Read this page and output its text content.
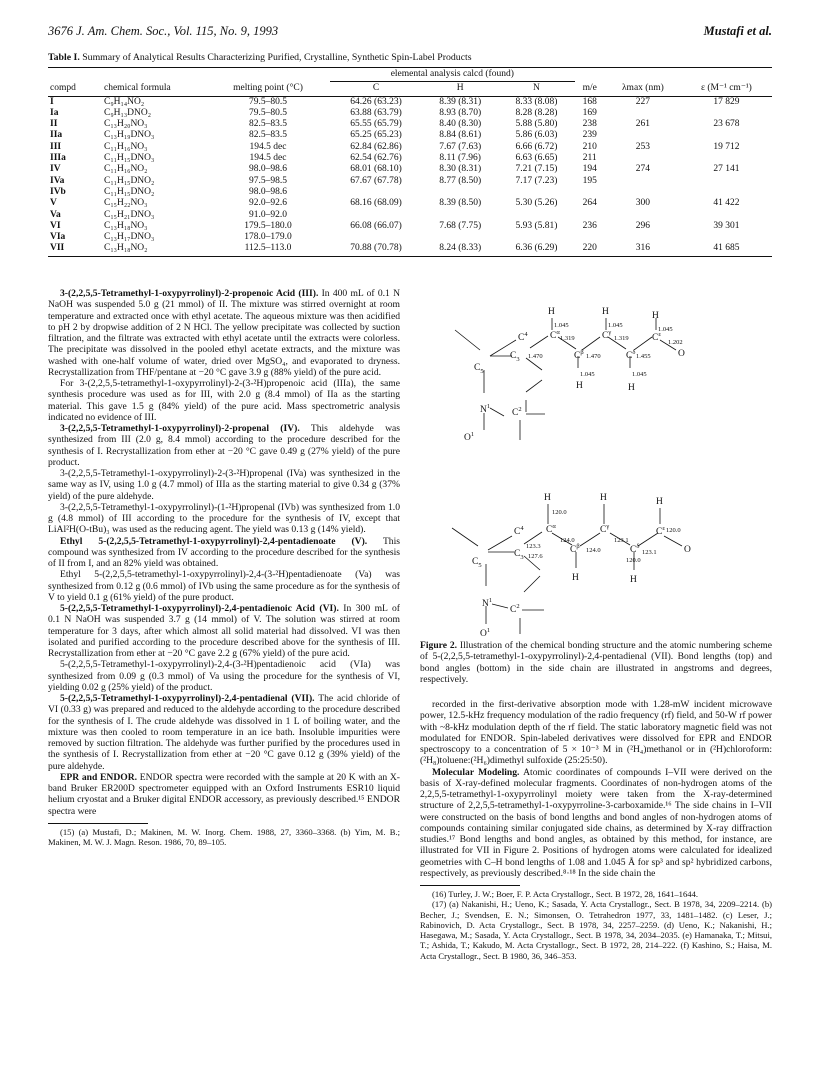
3676 J. Am. Chem. Soc., Vol. 115, No. 9, 1993	Mustafi et al.
Table I. Summary of Analytical Results Characterizing Purified, Crystalline, Synthetic Spin-Label Products
			elemental analysis calcd (found)					
compd	chemical formula	melting point (°C)	C	H	N	m/e	λmax (nm)	ε (M⁻¹ cm⁻¹)
I	C₉H₁₄NO₂	79.5–80.5	64.26 (63.23)	8.39 (8.31)	8.33 (8.08)	168	227	17 829
Ia	C₉H₁₃DNO₂	79.5–80.5	63.88 (63.79)	8.93 (8.70)	8.28 (8.28)	169		
II	C₁₃H₂₀NO₃	82.5–83.5	65.55 (65.79)	8.40 (8.30)	5.88 (5.80)	238	261	23 678
IIa	C₁₃H₁₉DNO₃	82.5–83.5	65.25 (65.23)	8.84 (8.61)	5.86 (6.03)	239		
III	C₁₁H₁₆NO₃	194.5 dec	62.84 (62.86)	7.67 (7.63)	6.66 (6.72)	210	253	19 712
IIIa	C₁₁H₁₅DNO₃	194.5 dec	62.54 (62.76)	8.11 (7.96)	6.63 (6.65)	211		
IV	C₁₁H₁₆NO₂	98.0–98.6	68.01 (68.10)	8.30 (8.31)	7.21 (7.15)	194	274	27 141
IVa	C₁₁H₁₅DNO₂	97.5–98.5	67.67 (67.78)	8.77 (8.50)	7.17 (7.23)	195		
IVb	C₁₁H₁₅DNO₂	98.0–98.6						
V	C₁₅H₂₂NO₃	92.0–92.6	68.16 (68.09)	8.39 (8.50)	5.30 (5.26)	264	300	41 422
Va	C₁₅H₂₁DNO₃	91.0–92.0						
VI	C₁₃H₁₈NO₃	179.5–180.0	66.08 (66.07)	7.68 (7.75)	5.93 (5.81)	236	296	39 301
VIa	C₁₃H₁₇DNO₃	178.0–179.0						
VII	C₁₃H₁₈NO₂	112.5–113.0	70.88 (70.78)	8.24 (8.33)	6.36 (6.29)	220	316	41 685

3-(2,2,5,5-Tetramethyl-1-oxypyrrolinyl)-2-propenoic Acid (III). In 400 mL of 0.1 N NaOH was suspended 5.0 g (21 mmol) of II. The mixture was stirred overnight at room temperature and extracted once with ethyl acetate. The aqueous mixture was then acidified to pH 2 by dropwise addition of 2 N HCl. The yellow precipitate was collected by suction filtration, and the filtrate was extracted with ethyl acetate until the extracts were colorless. The precipitate was dissolved in the pooled ethyl acetate extracts, and the mixture was washed with one-half volume of water, dried over MgSO₄, and evaporated to dryness. Recrystallization from THF/pentane at −20 °C gave 3.9 g (88% yield) of the pure acid.

For 3-(2,2,5,5-tetramethyl-1-oxypyrrolinyl)-2-(3-²H)propenoic acid (IIIa), the same synthesis procedure was used as for III, with 2.0 g (8.4 mmol) of IIa as the starting material. This gave 1.5 g (84% yield) of the pure acid. Mass spectrometric analysis indicated no evidence of III.

3-(2,2,5,5-Tetramethyl-1-oxypyrrolinyl)-2-propenal (IV). This aldehyde was synthesized from III (2.0 g, 8.4 mmol) according to the procedure described for the synthesis of I. Recrystallization from ether at −20 °C gave 0.49 g (27% yield) of the pure product.

3-(2,2,5,5-Tetramethyl-1-oxypyrrolinyl)-2-(3-²H)propenal (IVa) was synthesized in the same way as IV, using 1.0 g (4.7 mmol) of IIIa as the starting material to give 0.34 g (37% yield) of the pure aldehyde.

3-(2,2,5,5-Tetramethyl-1-oxypyrrolinyl)-(1-²H)propenal (IVb) was synthesized from 1.0 g (4.8 mmol) of III according to the procedure for the synthesis of IV, except that LiAl²H(O-tBu)₃ was used as the reducing agent. The yield was 0.13 g (14% yield).

Ethyl 5-(2,2,5,5-Tetramethyl-1-oxypyrrolinyl)-2,4-pentadienoate (V). This compound was synthesized from IV according to the procedure described for the synthesis of II from I, and an 82% yield was obtained.

Ethyl 5-(2,2,5,5-tetramethyl-1-oxypyrrolinyl)-2,4-(3-²H)pentadienoate (Va) was synthesized from 0.12 g (0.6 mmol) of IVb using the same procedure as for the synthesis of V to yield 0.1 g (61% yield) of the pure product.

5-(2,2,5,5-Tetramethyl-1-oxypyrrolinyl)-2,4-pentadienoic Acid (VI). In 300 mL of 0.1 N NaOH was suspended 3.7 g (14 mmol) of V. The solution was stirred at room temperature for 3 days, after which almost all solid material had dissolved. VI was then isolated and purified according to the procedure described above for the synthesis of III. Recrystallization from ether at −20 °C gave 2.2 g (67% yield) of the pure acid.

5-(2,2,5,5-Tetramethyl-1-oxypyrrolinyl)-2,4-(3-²H)pentadienoic acid (VIa) was synthesized from 0.09 g (0.3 mmol) of Va using the procedure for the synthesis of VI, yielding 0.02 g (25% yield) of the product.

5-(2,2,5,5-Tetramethyl-1-oxypyrrolinyl)-2,4-pentadienal (VII). The acid chloride of VI (0.33 g) was prepared and reduced to the aldehyde according to the procedure described for the synthesis of I. The crude aldehyde was dissolved in 1 L of boiling water, and the mixture was then cooled to room temperature in an ice bath. Insoluble impurities were removed by suction filtration. The aldehyde was further purified by the procedures used in the synthesis of I. Recrystallization from ether at −20 °C gave 0.12 g (39% yield) of the pure aldehyde.

EPR and ENDOR. ENDOR spectra were recorded with the sample at 20 K with an X-band Bruker ER200D spectrometer equipped with an Oxford Instruments ESR10 liquid helium cryostat and a Bruker digital ENDOR accessory, as previously described.¹⁵ ENDOR spectra were

(15) (a) Mustafi, D.; Makinen, M. W. Inorg. Chem. 1988, 27, 3360–3368. (b) Yim, M. B.; Makinen, M. W. J. Magn. Reson. 1986, 70, 89–105.

H	H	H
1.045	1.045
1.045
$C^\alpha$	$C^\gamma$
$C^\varepsilon$
1.319	1.319
1.202
$C^4$
1.470	$C^\beta$
1.470	$C^\delta$
1.455	O
$C_3$
$C_5$	1.045	1.045
H	H
$N^1$
$C^2$
$O^1$
H	H	H
120.0
$C^\alpha$	$C^\gamma$
$C^\varepsilon$
123.3
124.0
124.0
127.6
123.1
120.0
123.1
120.0
$C^4$
$C_3$
$C^\beta$	$C^\delta$	O
$C_5$
H	H
$N^1$
$C^2$
$O^1$
Figure 2. Illustration of the chemical bonding structure and the atomic numbering scheme of 5-(2,2,5,5-tetramethyl-1-oxypyrrolinyl)-2,4-pentadienal (VII). Bond lengths (top) and bond angles (bottom) in the side chain are illustrated in angstroms and degrees, respectively.

recorded in the first-derivative absorption mode with 1.28-mW incident microwave power, 12.5-kHz frequency modulation of the radio frequency (rf) field, and 50-W rf power with ~8-kHz modulation depth of the rf field. The static laboratory magnetic field was not modulated for ENDOR. Spin-labeled derivatives were dissolved for EPR and ENDOR spectroscopy to a concentration of 5 × 10⁻³ M in (²H₄)methanol or in (²H)chloroform:(²H₈)toluene:(²H₆)dimethyl sulfoxide (25:25:50).

Molecular Modeling. Atomic coordinates of compounds I–VII were derived on the basis of X-ray-defined molecular fragments. Coordinates of non-hydrogen atoms of the 2,2,5,5-tetramethyl-1-oxypyrrolinyl moiety were taken from the X-ray-determined structure of 2,2,5,5-tetramethyl-1-oxypyrroline-3-carboxamide.¹⁶ The side chains in I–VII were constructed on the basis of bond lengths and bond angles of non-hydrogen atoms of compounds containing similar conjugated side chains, as determined by X-ray diffraction studies.¹⁷ Bond lengths and bond angles, as obtained by this method, for instance, are illustrated for VII in Figure 2. Positions of hydrogen atoms were calculated for idealized geometries with C–H bond lengths of 1.08 and 1.045 Å for sp³ and sp² hybridized carbons, respectively, as previously described.⁸·¹⁸ In the side chain the

(16) Turley, J. W.; Boer, F. P. Acta Crystallogr., Sect. B 1972, 28, 1641–1644.

(17) (a) Nakanishi, H.; Ueno, K.; Sasada, Y. Acta Crystallogr., Sect. B 1978, 34, 2209–2214. (b) Becher, J.; Svendsen, E. N.; Simonsen, O. Tetrahedron 1977, 33, 1481–1482. (c) Leser, J.; Rabinovich, D. Acta Crystallogr., Sect. B 1978, 34, 2257–2259. (d) Ueno, K.; Nakanishi, H.; Hasegawa, M.; Sasada, Y. Acta Crystallogr., Sect. B 1978, 34, 2034–2035. (e) Hamanaka, T.; Mitsui, T.; Ashida, T.; Kakudo, M. Acta Crystallogr., Sect. B 1972, 28, 214–222. (f) Kashino, S.; Haisa, M. Acta Crystallogr., Sect. B 1980, 36, 346–353.
